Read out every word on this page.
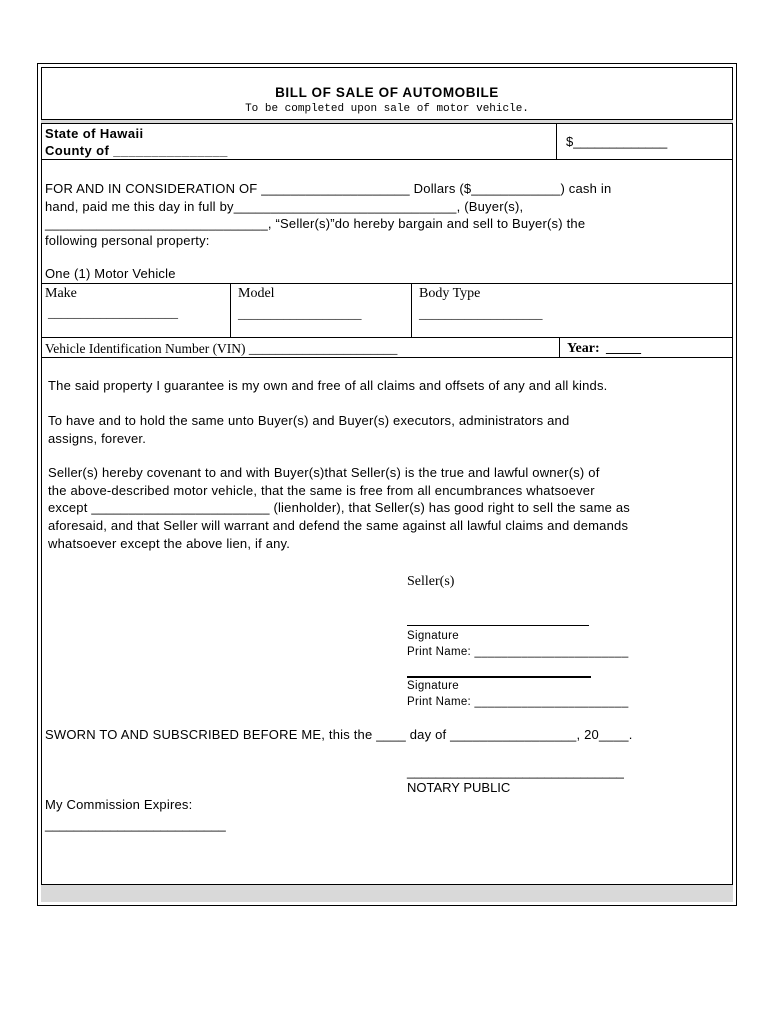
BILL OF SALE OF AUTOMOBILE
To be completed upon sale of motor vehicle.
State of Hawaii
County of _______________
$_____________
FOR AND IN CONSIDERATION OF ____________________ Dollars ($____________) cash in
hand, paid me this day in full by______________________________, (Buyer(s),
______________________________, “Seller(s)”do hereby bargain and sell to Buyer(s) the
following personal property:
One (1) Motor Vehicle
Make
____________________
Model
___________________
Body Type
___________________
Vehicle Identification Number (VIN) ______________________	Year: _____
The said property I guarantee is my own and free of all claims and offsets of any and all kinds.
To have and to hold the same unto Buyer(s) and Buyer(s) executors, administrators and
assigns, forever.
Seller(s) hereby covenant to and with Buyer(s)that Seller(s) is the true and lawful owner(s) of
the above-described motor vehicle, that the same is free from all encumbrances whatsoever
except ________________________ (lienholder), that Seller(s) has good right to sell the same as
aforesaid, and that Seller will warrant and defend the same against all lawful claims and demands
whatsoever except the above lien, if any.
Seller(s)
Signature
Print Name: _______________________
Signature
Print Name: _______________________
SWORN TO AND SUBSCRIBED BEFORE ME, this the ____ day of _________________, 20____.
______________________________
NOTARY PUBLIC
My Commission Expires:
_________________________
